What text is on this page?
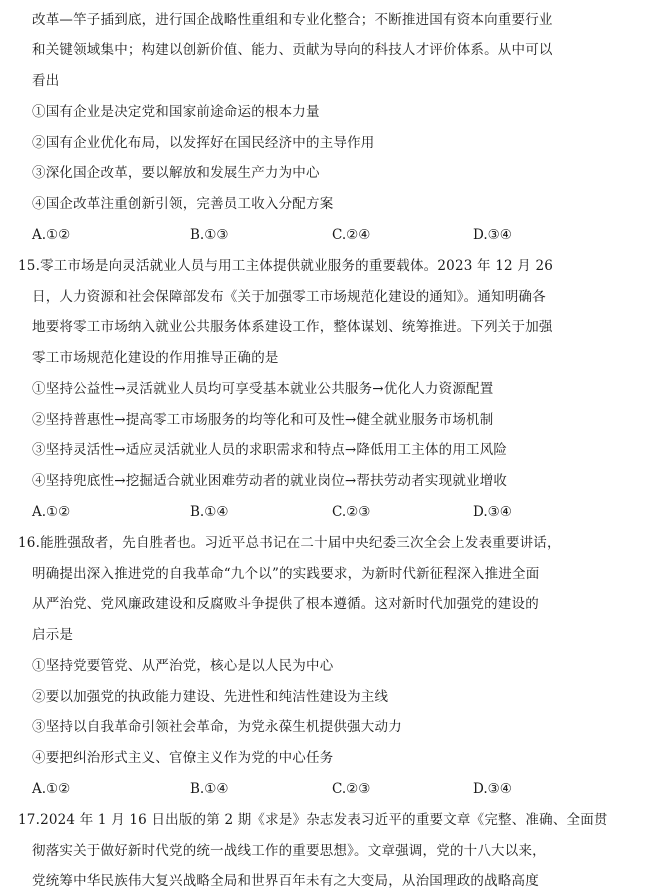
改革—竿子插到底，进行国企战略性重组和专业化整合；不断推进国有资本向重要行业
和关键领域集中；构建以创新价值、能力、贡献为导向的科技人才评价体系。从中可以
看出
①国有企业是决定党和国家前途命运的根本力量
②国有企业优化布局，以发挥好在国民经济中的主导作用
③深化国企改革，要以解放和发展生产力为中心
④国企改革注重创新引领，完善员工收入分配方案
A.①②	B.①③	C.②④	D.③④
15.零工市场是向灵活就业人员与用工主体提供就业服务的重要载体。2023 年 12 月 26
日，人力资源和社会保障部发布《关于加强零工市场规范化建设的通知》。通知明确各
地要将零工市场纳入就业公共服务体系建设工作，整体谋划、统筹推进。下列关于加强
零工市场规范化建设的作用推导正确的是
①坚持公益性→灵活就业人员均可享受基本就业公共服务→优化人力资源配置
②坚持普惠性→提高零工市场服务的均等化和可及性→健全就业服务市场机制
③坚持灵活性→适应灵活就业人员的求职需求和特点→降低用工主体的用工风险
④坚持兜底性→挖掘适合就业困难劳动者的就业岗位→帮扶劳动者实现就业增收
A.①②	B.①④	C.②③	D.③④
16.能胜强敌者，先自胜者也。习近平总书记在二十届中央纪委三次全会上发表重要讲话，
明确提出深入推进党的自我革命“九个以”的实践要求，为新时代新征程深入推进全面
从严治党、党风廉政建设和反腐败斗争提供了根本遵循。这对新时代加强党的建设的
启示是
①坚持党要管党、从严治党，核心是以人民为中心
②要以加强党的执政能力建设、先进性和纯洁性建设为主线
③坚持以自我革命引领社会革命，为党永葆生机提供强大动力
④要把纠治形式主义、官僚主义作为党的中心任务
A.①②	B.①④	C.②③	D.③④
17.2024 年 1 月 16 日出版的第 2 期《求是》杂志发表习近平的重要文章《完整、准确、全面贯
彻落实关于做好新时代党的统一战线工作的重要思想》。文章强调，党的十八大以来，
党统筹中华民族伟大复兴战略全局和世界百年未有之大变局，从治国理政的战略高度
